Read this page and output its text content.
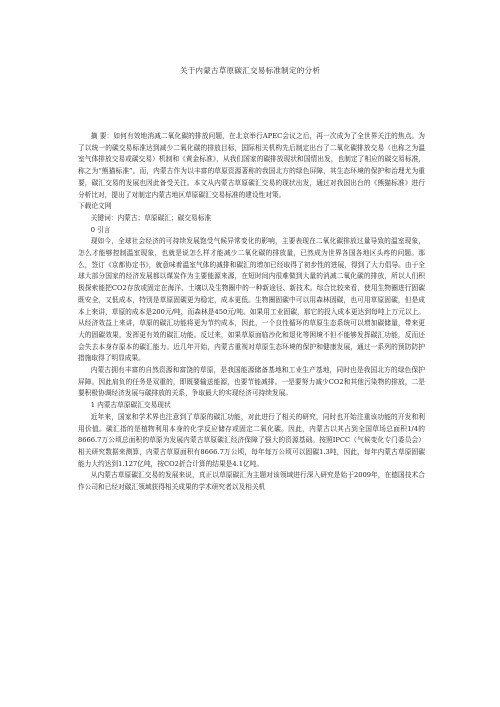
关于内蒙古草原碳汇交易标准制定的分析

摘 要：如何有效地消减二氧化碳的排放问题，在北京举行APEC会议之后，再一次成为了全世界关注的焦点。为了以统一的碳交易标准达到减少二氧化碳的排放目标，国际相关机构先后制定出台了二氧化碳排放交易（也称之为温室气体排放交易或碳交易）机制和《黄金标准》，从我们国家的碳排放现状和国情出发，也制定了相应的碳交易标准，称之为“熊猫标准”。而，内蒙古作为以丰富的草原资源著称的我国北方的绿色屏障，其生态环境的保护和治理尤为重要，碳汇交易的发展也因此备受关注。本文从内蒙古草原碳汇交易的现状出发，通过对我国出台的《熊猫标准》进行分析比对，提出了对制定内蒙古地区草原碳汇交易标准的建设性对策。

下载论文网

关键词：内蒙古；草原碳汇；碳交易标准

0 引言

现如今，全球社会经济的可持续发展饱受气候异常变化的影响，主要表现在二氧化碳排放过量导致的温室现象，怎么才能够控制温室现象，也就是说怎么样才能减少二氧化碳的排放量，已然成为世界各国各地区头疼的问题。那么，签订《京都协定书》，就意味着温室气体的减排和碳汇的增加已经取得了初步性的进展，得到了大力倡导。由于全球大部分国家的经济发展都以煤炭作为主要能源来源，在短时间内很难做到大量的消减二氧化碳的排放，所以人们积极探索能把CO2存放或固定在海洋、土壤以及生物圈中的一种新途径、新技术。综合比较来看，使用生物圈进行固碳既安全，又低成本，特别是草原固碳更为稳定，成本更低。生物圈固碳中可以用森林固碳，也可用草原固碳，但是成本上来讲，草原的成本是200元/吨，而森林是450元/吨。如果用工业固碳，那它的投入成本更达到每吨上万元以上。从经济效益上来讲，草原的碳汇功能将更为节约成本，因此，一个良性循环的草原生态系统可以增加碳储量，带来更大的固碳效果，发挥更有效的碳汇功能。反过来，如果草原面临沙化和退化等困境不但不能够发挥碳汇功能，反而还会失去本身存原本的碳汇能力。近几年开始，内蒙古重视对草原生态环境的保护和健康发展，通过一系列的预防防护措施取得了明显成果。

内蒙古拥有丰富的自然资源和富饶的草原，是我国能源储备基地和工业生产基地，同时也是我国北方的绿色保护屏障。因此肩负的任务是双重的，即既要输送能源，也要节能减排。一是要努力减少CO2和其他污染物的排放，二是要积极协调经济发展与碳排放的关系，争取最大的实现经济可持续发展。

1 内蒙古草原碳汇交易现状

近年来，国家和学术界也注意到了草原的碳汇功能，对此进行了相关的研究，同时也开始注重该功能的开发和利用价值。碳汇指的是植物利用本身的化学反应储存或固定二氧化碳。因此，内蒙古以其占到全国草场总面积1/4的8666.7万公顷总面积的草原为发展内蒙古草原碳汇经济保障了强大的资源基础。按照IPCC（气候变化专门委员会）相关研究数据来测算，内蒙古草原面积有8666.7万公顷，每年每万公顷可以固碳1.3吨，因此，每年内蒙古草原固碳能力大约达到1.127亿吨，按CO2折合计算的结果是4.1亿吨。

从内蒙古草原碳汇交易的发展来说，真正以草原碳汇为主题对该领域进行深入研究是始于2009年，在德国技术合作公司和已经对碳汇领域获得相关成果的学术研究者以及相关机
